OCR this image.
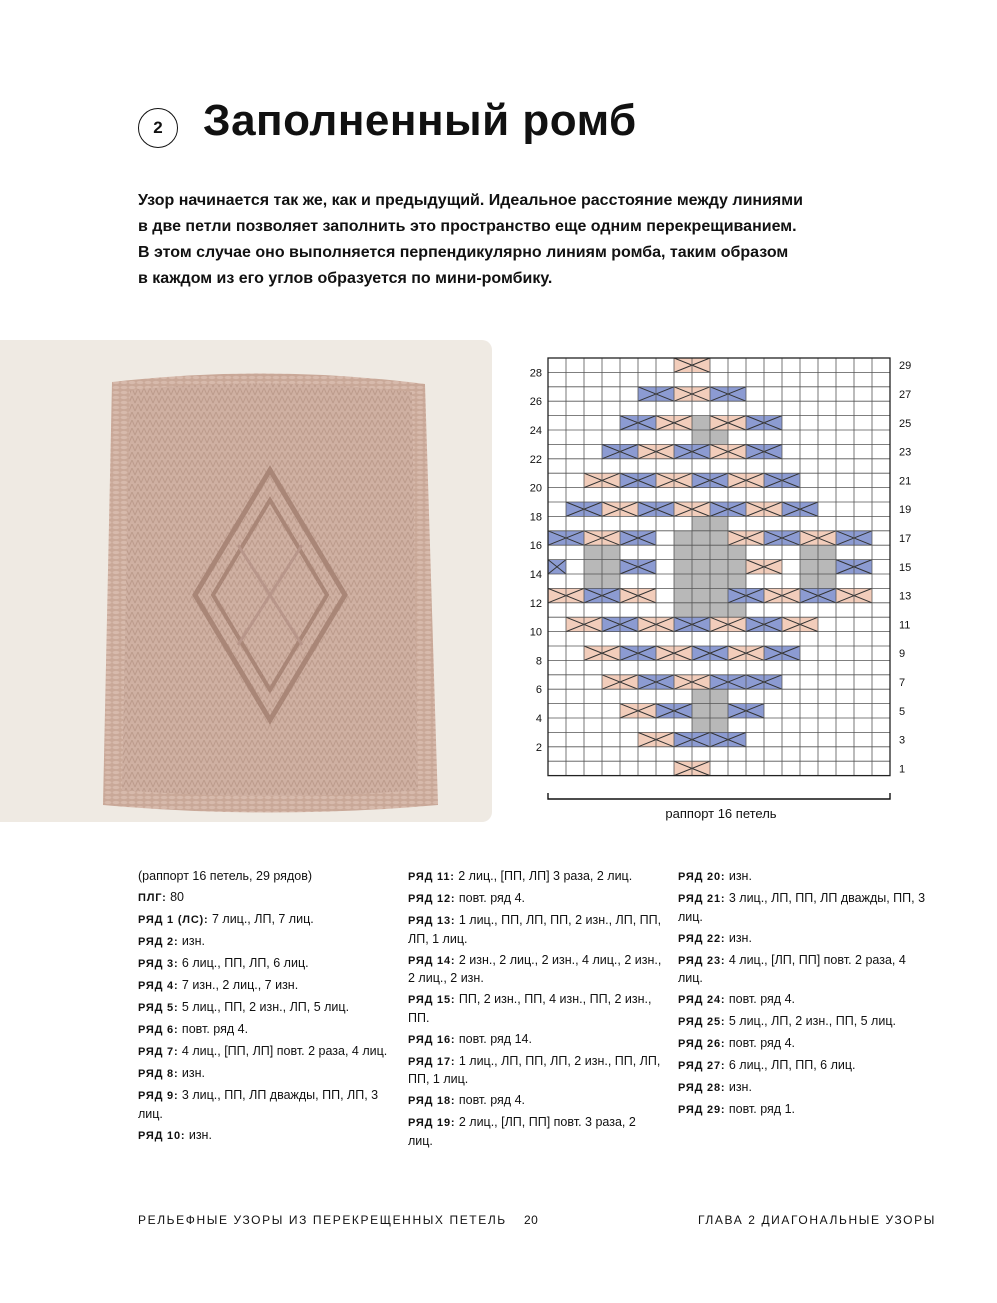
2 Заполненный ромб
Узор начинается так же, как и предыдущий. Идеальное расстояние между линиями
в две петли позволяет заполнить это пространство еще одним перекрещиванием.
В этом случае оно выполняется перпендикулярно линиям ромба, таким образом
в каждом из его углов образуется по мини-ромбику.
28
26
24
22
20
18
16
14
12
10
8
6
4
2
29
27
25
23
21
19
17
15
13
11
9
7
5
3
1
раппорт 16 петель
(раппорт 16 петель, 29 рядов)
ПЛГ: 80
РЯД 1 (ЛС): 7 лиц., ЛП, 7 лиц.
РЯД 2: изн.
РЯД 3: 6 лиц., ПП, ЛП, 6 лиц.
РЯД 4: 7 изн., 2 лиц., 7 изн.
РЯД 5: 5 лиц., ПП, 2 изн., ЛП, 5 лиц.
РЯД 6: повт. ряд 4.
РЯД 7: 4 лиц., [ПП, ЛП] повт. 2 раза, 4 лиц.
РЯД 8: изн.
РЯД 9: 3 лиц., ПП, ЛП дважды, ПП, ЛП, 3 лиц.
РЯД 10: изн.
РЯД 11: 2 лиц., [ПП, ЛП] 3 раза, 2 лиц.
РЯД 12: повт. ряд 4.
РЯД 13: 1 лиц., ПП, ЛП, ПП, 2 изн., ЛП, ПП, ЛП, 1 лиц.
РЯД 14: 2 изн., 2 лиц., 2 изн., 4 лиц., 2 изн., 2 лиц., 2 изн.
РЯД 15: ПП, 2 изн., ПП, 4 изн., ПП, 2 изн., ПП.
РЯД 16: повт. ряд 14.
РЯД 17: 1 лиц., ЛП, ПП, ЛП, 2 изн., ПП, ЛП, ПП, 1 лиц.
РЯД 18: повт. ряд 4.
РЯД 19: 2 лиц., [ЛП, ПП] повт. 3 раза, 2 лиц.
РЯД 20: изн.
РЯД 21: 3 лиц., ЛП, ПП, ЛП дважды, ПП, 3 лиц.
РЯД 22: изн.
РЯД 23: 4 лиц., [ЛП, ПП] повт. 2 раза, 4 лиц.
РЯД 24: повт. ряд 4.
РЯД 25: 5 лиц., ЛП, 2 изн., ПП, 5 лиц.
РЯД 26: повт. ряд 4.
РЯД 27: 6 лиц., ЛП, ПП, 6 лиц.
РЯД 28: изн.
РЯД 29: повт. ряд 1.
РЕЛЬЕФНЫЕ УЗОРЫ ИЗ ПЕРЕКРЕЩЕННЫХ ПЕТЕЛЬ 20	ГЛАВА 2 ДИАГОНАЛЬНЫЕ УЗОРЫ
